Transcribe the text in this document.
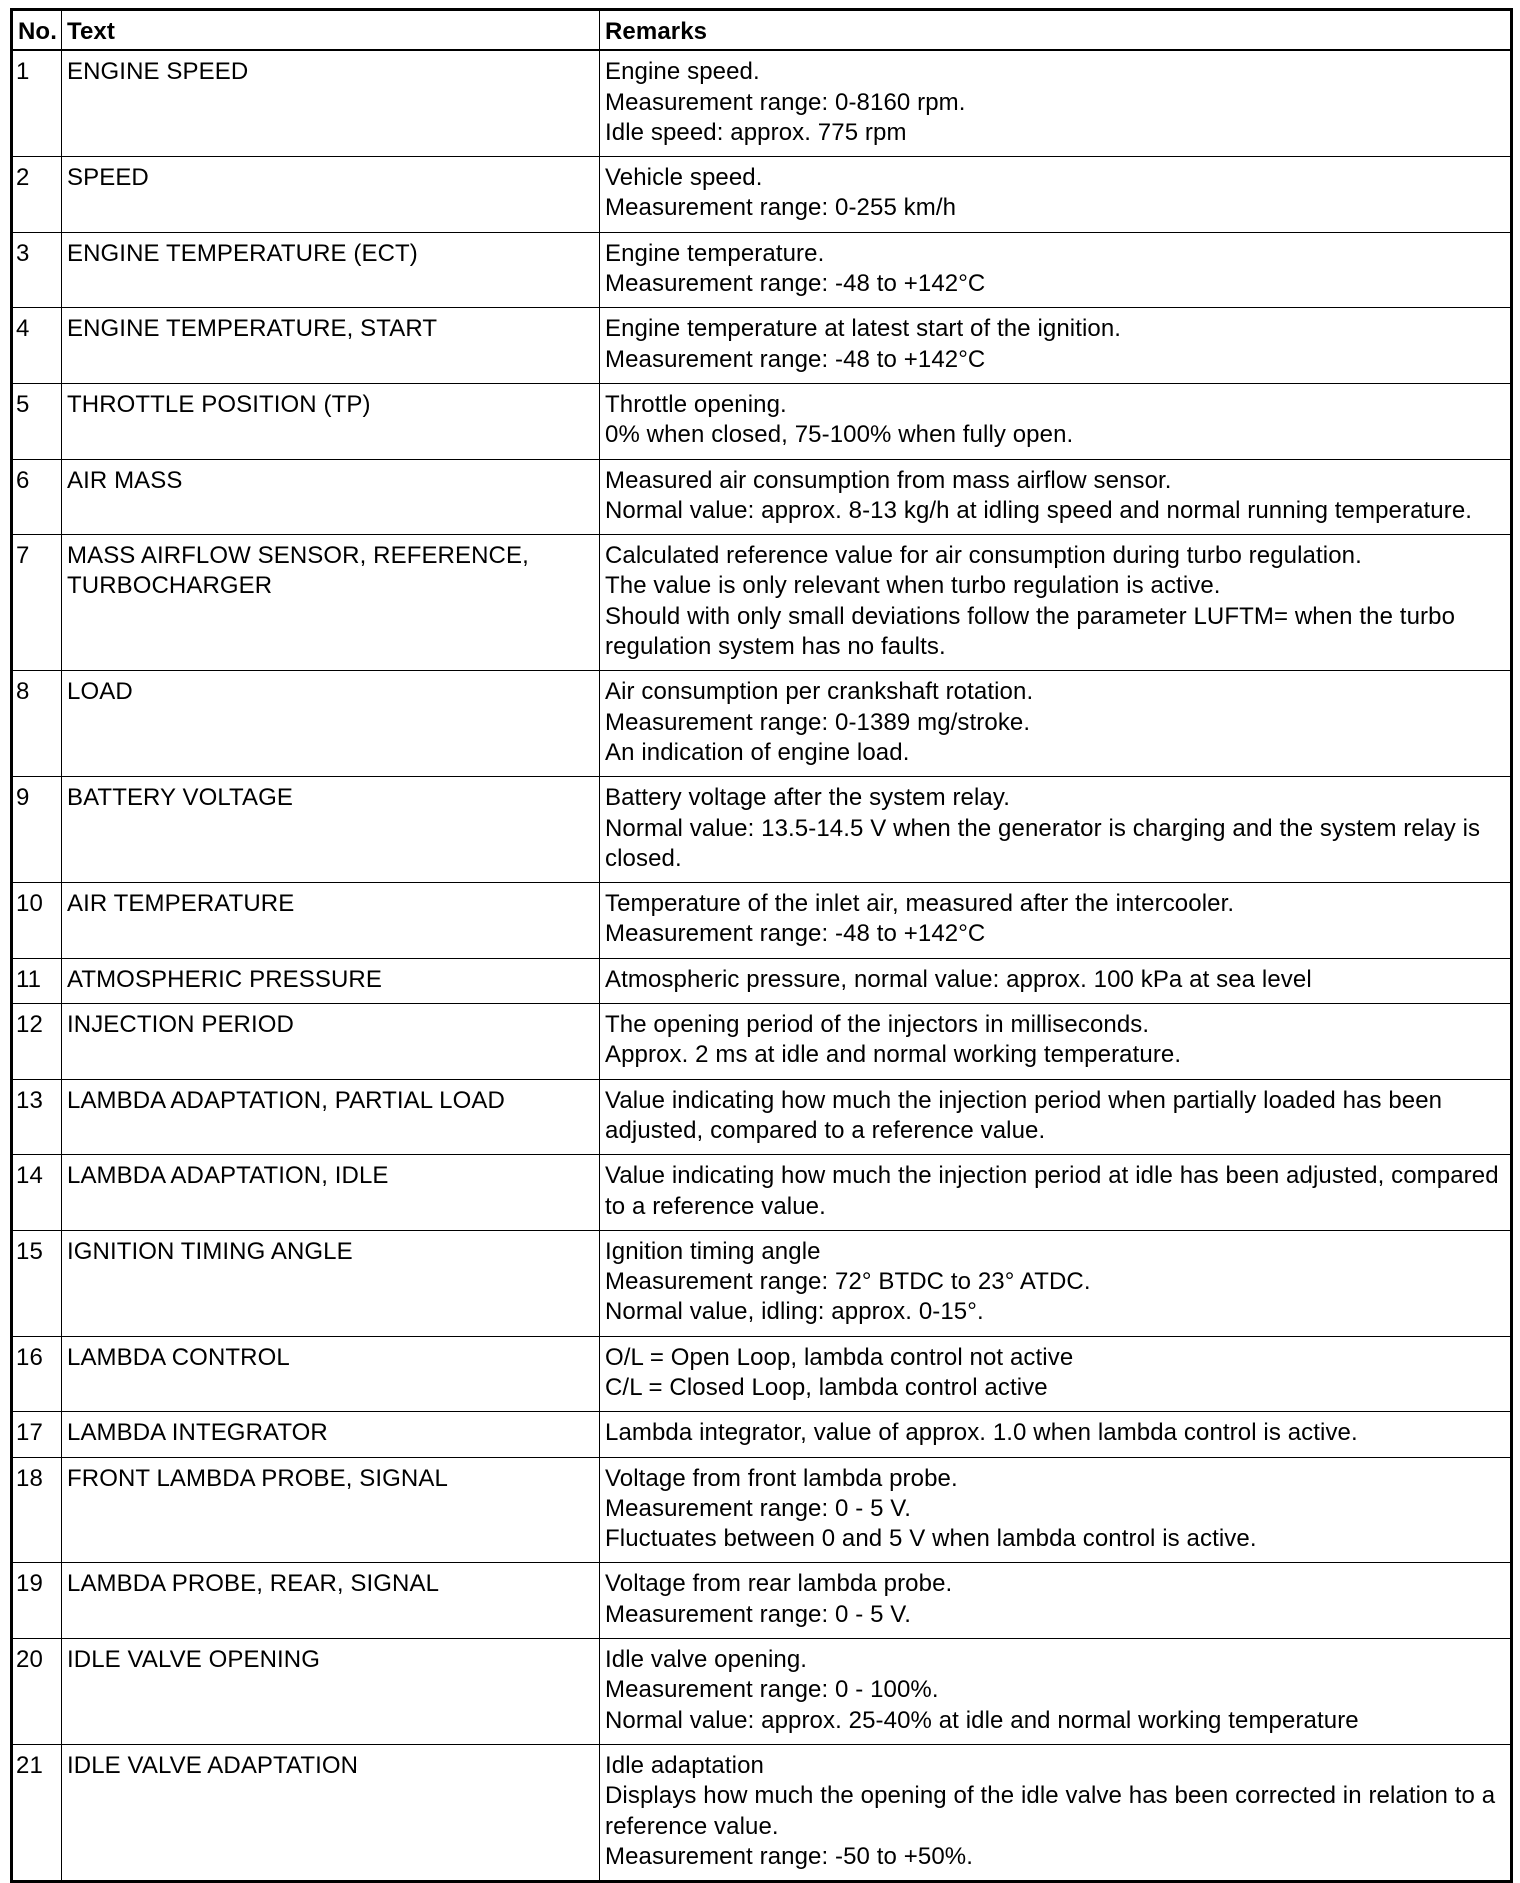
No.	Text	Remarks
1	ENGINE SPEED	Engine speed.
Measurement range: 0-8160 rpm.
Idle speed: approx. 775 rpm

2	SPEED	Vehicle speed.
Measurement range: 0-255 km/h

3	ENGINE TEMPERATURE (ECT)	Engine temperature.
Measurement range: -48 to +142°C

4	ENGINE TEMPERATURE, START	Engine temperature at latest start of the ignition.
Measurement range: -48 to +142°C

5	THROTTLE POSITION (TP)	Throttle opening.
0% when closed, 75-100% when fully open.

6	AIR MASS	Measured air consumption from mass airflow sensor.
Normal value: approx. 8-13 kg/h at idling speed and normal running temperature.

7	MASS AIRFLOW SENSOR, REFERENCE, TURBOCHARGER	Calculated reference value for air consumption during turbo regulation.
The value is only relevant when turbo regulation is active.
Should with only small deviations follow the parameter LUFTM= when the turbo regulation system has no faults.

8	LOAD	Air consumption per crankshaft rotation.
Measurement range: 0-1389 mg/stroke.
An indication of engine load.

9	BATTERY VOLTAGE	Battery voltage after the system relay.
Normal value: 13.5-14.5 V when the generator is charging and the system relay is closed.

10	AIR TEMPERATURE	Temperature of the inlet air, measured after the intercooler.
Measurement range: -48 to +142°C

11	ATMOSPHERIC PRESSURE	Atmospheric pressure, normal value: approx. 100 kPa at sea level

12	INJECTION PERIOD	The opening period of the injectors in milliseconds.
Approx. 2 ms at idle and normal working temperature.

13	LAMBDA ADAPTATION, PARTIAL LOAD	Value indicating how much the injection period when partially loaded has been adjusted, compared to a reference value.

14	LAMBDA ADAPTATION, IDLE	Value indicating how much the injection period at idle has been adjusted, compared to a reference value.

15	IGNITION TIMING ANGLE	Ignition timing angle
Measurement range: 72° BTDC to 23° ATDC.
Normal value, idling: approx. 0-15°.

16	LAMBDA CONTROL	O/L = Open Loop, lambda control not active
C/L = Closed Loop, lambda control active

17	LAMBDA INTEGRATOR	Lambda integrator, value of approx. 1.0 when lambda control is active.

18	FRONT LAMBDA PROBE, SIGNAL	Voltage from front lambda probe.
Measurement range: 0 - 5 V.
Fluctuates between 0 and 5 V when lambda control is active.

19	LAMBDA PROBE, REAR, SIGNAL	Voltage from rear lambda probe.
Measurement range: 0 - 5 V.

20	IDLE VALVE OPENING	Idle valve opening.
Measurement range: 0 - 100%.
Normal value: approx. 25-40% at idle and normal working temperature

21	IDLE VALVE ADAPTATION	Idle adaptation
Displays how much the opening of the idle valve has been corrected in relation to a reference value.
Measurement range: -50 to +50%.
